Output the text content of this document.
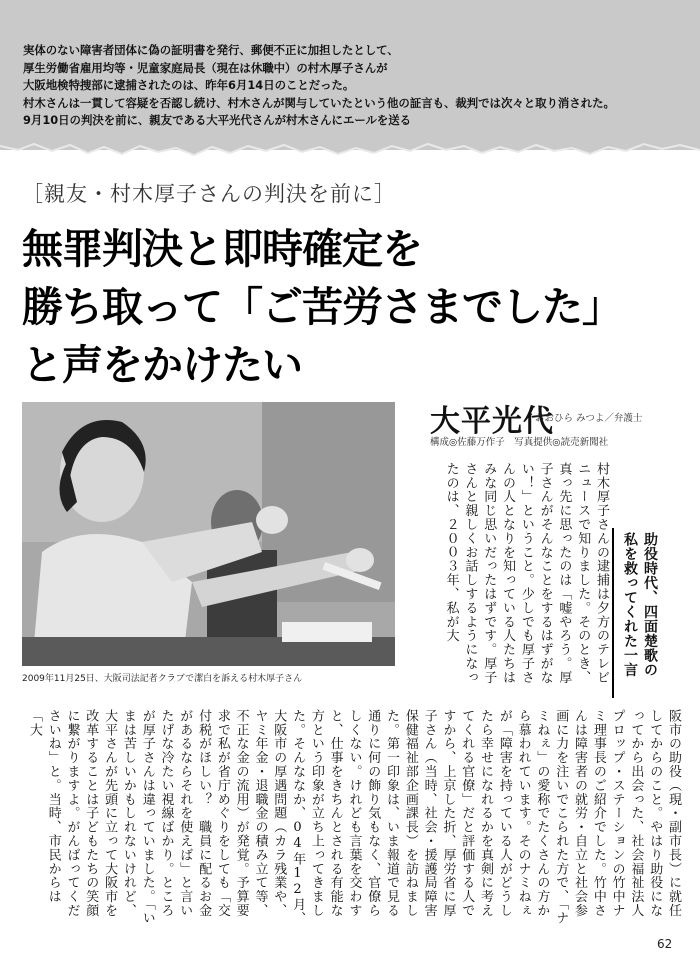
実体のない障害者団体に偽の証明書を発行、郵便不正に加担したとして、
厚生労働省雇用均等・児童家庭局長（現在は休職中）の村木厚子さんが
大阪地検特捜部に逮捕されたのは、昨年6月14日のことだった。
村木さんは一貫して容疑を否認し続け、村木さんが関与していたという他の証言も、裁判では次々と取り消された。
9月10日の判決を前に、親友である大平光代さんが村木さんにエールを送る
［親友・村木厚子さんの判決を前に］
無罪判決と即時確定を
勝ち取って「ご苦労さまでした」
と声をかけたい
2009年11月25日、大阪司法記者クラブで潔白を訴える村木厚子さん
大平光代
おおひら みつよ／弁護士
構成◎佐藤万作子　写真提供◎読売新聞社
助役時代、四面楚歌の
私を救ってくれた一言

村木厚子さんの逮捕は夕方のテレビニュースで知りました。そのとき、真っ先に思ったのは「嘘やろう。厚子さんがそんなことをするはずがない！」ということ。少しでも厚子さんの人となりを知っている人たちはみな同じ思いだったはずです。厚子さんと親しくお話しするようになったのは、２００３年、私が大

阪市の助役（現・副市長）に就任してからのこと。やはり助役になってから出会った、社会福祉法人プロップ・ステーションの竹中ナミ理事長のご紹介でした。竹中さんは障害者の就労・自立と社会参画に力を注いでこられた方で、「ナミねぇ」の愛称でたくさんの方から慕われています。そのナミねぇが「障害を持っている人がどうしたら幸せになれるかを真剣に考えてくれる官僚」だと評価する人ですから、上京した折、厚労省に厚子さん（当時、社会・援護局障害保健福祉部企画課長）を訪ねました。第一印象は、いま報道で見る通りに何の飾り気もなく、官僚らしくない。けれども言葉を交わすと、仕事をきちんとされる有能な方という印象が立ち上ってきました。そんななか、04年12月、大阪市の厚遇問題（カラ残業や、ヤミ年金・退職金の積み立て等、不正な金の流用）が発覚。予算要求で私が省庁めぐりをしても「交付税がほしい？　職員に配るお金があるならそれを使えば」と言いたげな冷たい視線ばかり。ところが厚子さんは違っていました。「いまは苦しいかもしれないけれど、大平さんが先頭に立って大阪市を改革することは子どもたちの笑顔に繋がりますよ。がんばってくださいね」と。当時、市民からは「大

62
